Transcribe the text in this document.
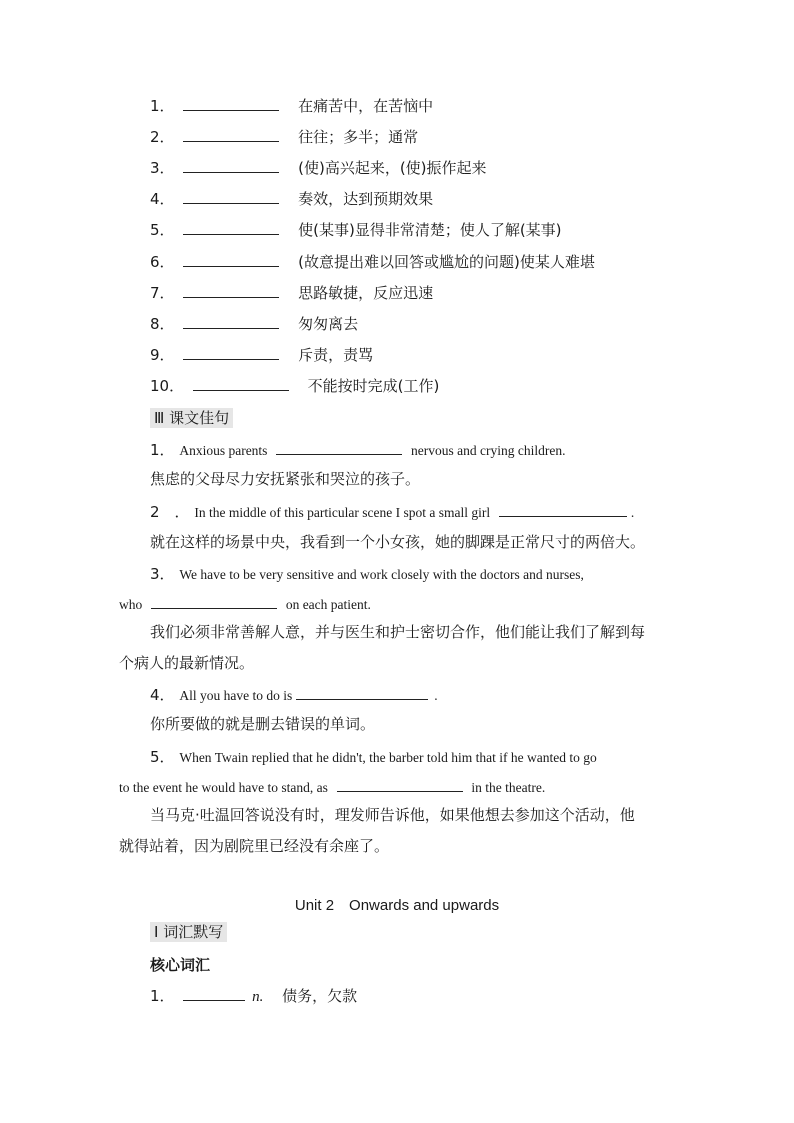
1．	在痛苦中，在苦恼中
2．	往往；多半；通常
3．	(使)高兴起来，(使)振作起来
4．	奏效，达到预期效果
5．	使(某事)显得非常清楚；使人了解(某事)
6．	(故意提出难以回答或尴尬的问题)使某人难堪
7．	思路敏捷，反应迅速
8．	匆匆离去
9．	斥责，责骂
10．	不能按时完成(工作)
Ⅲ 课文佳句
1． Anxious parents	nervous and crying children.
焦虑的父母尽力安抚紧张和哭泣的孩子。
2　． In the middle of this particular scene I spot a small girl	.
就在这样的场景中央，我看到一个小女孩，她的脚踝是正常尺寸的两倍大。
3． We have to be very sensitive and work closely with the doctors and nurses,
who	on each patient.
我们必须非常善解人意，并与医生和护士密切合作，他们能让我们了解到每
个病人的最新情况。
4． All you have to do is	.
你所要做的就是删去错误的单词。
5． When Twain replied that he didn't, the barber told him that if he wanted to go
to the event he would have to stand, as	in the theatre.
当马克·吐温回答说没有时，理发师告诉他，如果他想去参加这个活动，他
就得站着，因为剧院里已经没有余座了。
Unit 2　Onwards and upwards
Ⅰ 词汇默写
核心词汇
1．	n. 债务，欠款
